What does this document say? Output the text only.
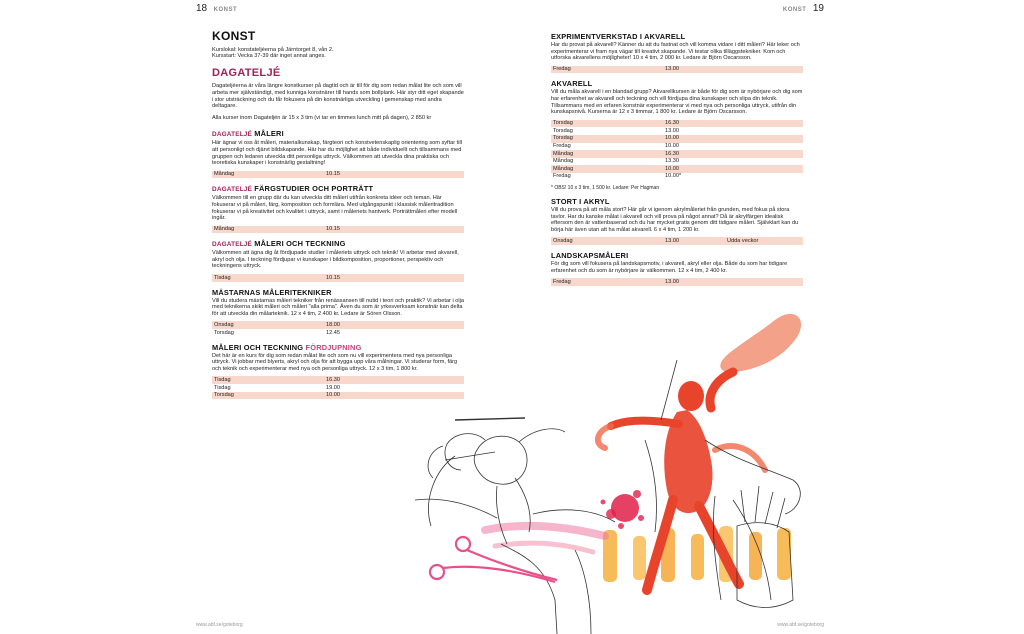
18 KONST
KONST

Kurslokal: konstateljéerna på Järntorget 8, vån 2.

Kursstart: Vecka 37-39 där inget annat anges.

DAGATELJÉ

Dagateljéerna är våra längre konstkurser på dagtid och är till för dig som redan målat lite och som vill arbeta mer självständigt, med kunniga konstnärer till hands som bollplank. Här styr ditt eget skapande i stor utsträckning och du får fokusera på din konstnärliga utveckling i gemenskap med andra deltagare.

Alla kurser inom Dagateljén är 15 x 3 tim (vi tar en timmes lunch mitt på dagen), 2 850 kr

DAGATELJÉ MÅLERI

Här ägnar vi oss åt måleri, materialkunskap, färgteori och konstvetenskaplig orientering som syftar till att personligt och djärvt bildskapande. Här har du möjlighet att både individuellt och tillsammans med gruppen och ledaren utveckla ditt personliga uttryck. Välkommen att utveckla dina praktiska och teoretiska kunskaper i konstnärlig gestaltning!

Måndag	10.15	
DAGATELJÉ FÄRGSTUDIER OCH PORTRÄTT

Välkommen till en grupp där du kan utveckla ditt måleri utifrån konkreta idéer och teman. Här fokuserar vi på måleri, färg, komposition och formlära. Med utgångspunkt i klassisk måleritradition fokuserar vi på kreativitet och kvalitet i uttryck, samt i måleriets hantverk. Porträttmåleri efter modell ingår.

Måndag	10.15	
DAGATELJÉ MÅLERI OCH TECKNING

Välkommen att ägna dig åt fördjupade studier i måleriets uttryck och teknik! Vi arbetar med akvarell, akryl och olja. I teckning fördjupar vi kunskaper i bildkomposition, proportioner, perspektiv och teckningens uttryck.

Tisdag	10.15	
MÄSTARNAS MÅLERITEKNIKER

Vill du studera mästarnas måleri tekniker från renässansen till nutid i teori och praktik? Vi arbetar i olja med teknikerna skikt måleri och måleri "alla prima". Även du som är yrkesverksam konstnär kan delta för att utveckla din målarteknik. 12 x 4 tim, 2 400 kr. Ledare är Sören Olsson.

Onsdag	18.00	
Torsdag	12.45	
MÅLERI OCH TECKNING FÖRDJUPNING

Det här är en kurs för dig som redan målat lite och som nu vill experimentera med nya personliga uttryck. Vi jobbar med blyerts, akryl och olja för att bygga upp våra målningar. Vi studerar form, färg och teknik och experimenterar med nya och personliga uttryck. 12 x 3 tim, 1 800 kr.

Tisdag	16.30	
Tisdag	19.00	
Torsdag	10.00	
www.abf.se/goteborg
KONST 19
EXPRIMENTVERKSTAD I AKVARELL

Har du provat på akvarell? Känner du att du fastnat och vill komma vidare i ditt måleri? Här leker och experimenterar vi fram nya vägar till kreativt skapande. Vi testar olika tilläggstekniker. Kom och utforska akvarellens möjligheter! 10 x 4 tim, 2 000 kr. Ledare är Björn Oscarsson.

Fredag	13.00	
AKVARELL

Vill du måla akvarell i en blandad grupp? Akvarellkursen är både för dig som är nybörjare och dig som har erfarenhet av akvarell och teckning och vill fördjupa dina kunskaper och slipa din teknik. Tillsammans med en erfaren konstnär experimenterar vi med nya och personliga uttryck, utifrån din kunskapsnivå. Kurserna är 12 x 3 timmar, 1 800 kr. Ledare är Björn Oscarsson.

Torsdag	16.30	
Torsdag	13.00	
Torsdag	10.00	
Fredag	10.00	
Måndag	16.30	
Måndag	13.30	
Måndag	10.00	
Fredag	10.00*	

* OBS! 10 x 3 tim, 1 500 kr. Ledare: Per Hagman

STORT I AKRYL

Vill du prova på att måla stort? Här går vi igenom akrylmåleriet från grunden, med fokus på stora tavlor. Har du kanske målat i akvarell och vill prova på något annat? Då är akrylfärgen idealisk eftersom den är vattenbaserad och du har mycket gratis genom ditt tidigare måleri. Självklart kan du börja här även utan att ha målat akvarell. 6 x 4 tim, 1 200 kr.

Onsdag	13.00	Udda veckor
LANDSKAPSMÅLERI

För dig som vill fokusera på landskapsmotiv, i akvarell, akryl eller olja. Både du som har tidigare erfarenhet och du som är nybörjare är välkommen. 12 x 4 tim, 2 400 kr.

Fredag	13.00	
www.abf.se/goteborg
